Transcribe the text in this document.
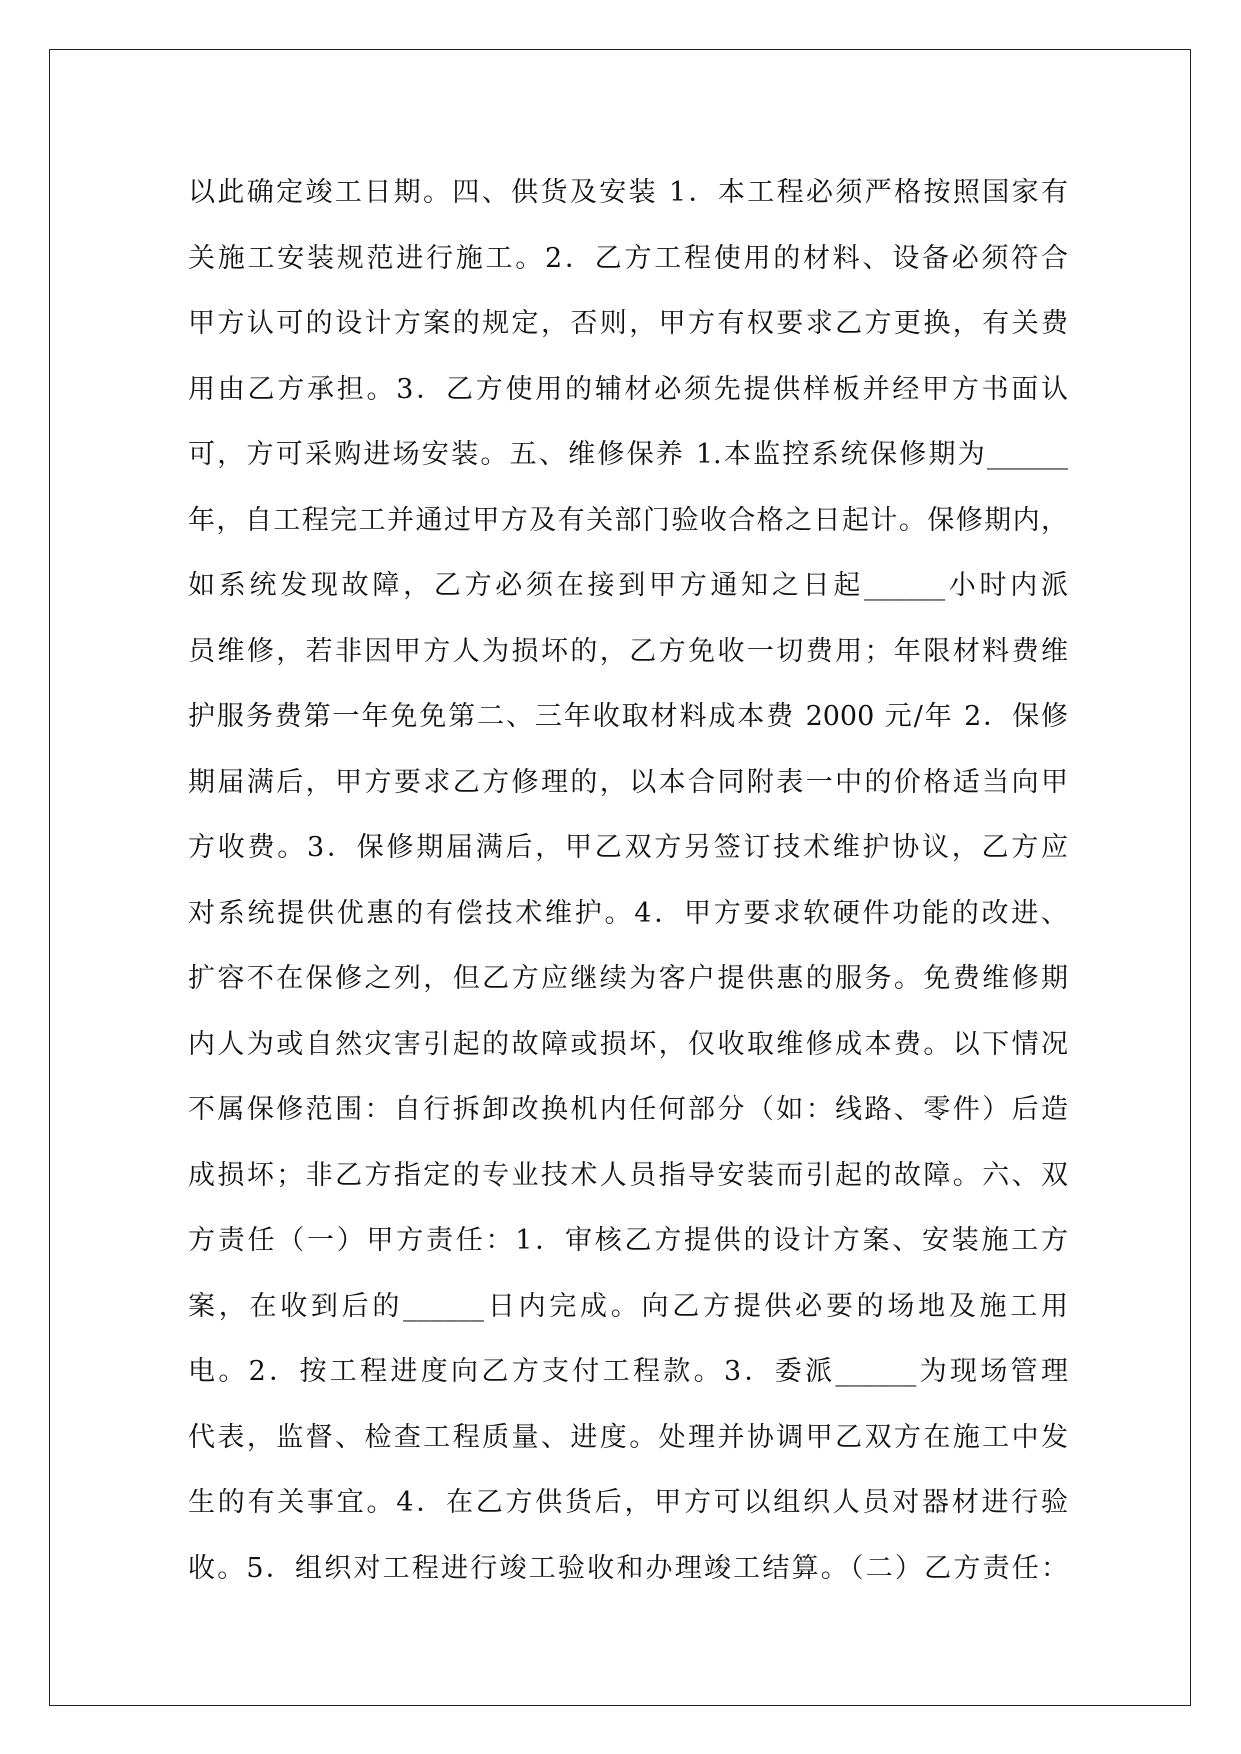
以此确定竣工日期。四、供货及安装 1．本工程必须严格按照国家有
关施工安装规范进行施工。2．乙方工程使用的材料、设备必须符合
甲方认可的设计方案的规定，否则，甲方有权要求乙方更换，有关费
用由乙方承担。3．乙方使用的辅材必须先提供样板并经甲方书面认
可，方可采购进场安装。五、维修保养 1.本监控系统保修期为______
年，自工程完工并通过甲方及有关部门验收合格之日起计。保修期内，
如系统发现故障，乙方必须在接到甲方通知之日起______小时内派
员维修，若非因甲方人为损坏的，乙方免收一切费用；年限材料费维
护服务费第一年免免第二、三年收取材料成本费 2000 元/年 2．保修
期届满后，甲方要求乙方修理的，以本合同附表一中的价格适当向甲
方收费。3．保修期届满后，甲乙双方另签订技术维护协议，乙方应
对系统提供优惠的有偿技术维护。4．甲方要求软硬件功能的改进、
扩容不在保修之列，但乙方应继续为客户提供惠的服务。免费维修期
内人为或自然灾害引起的故障或损坏，仅收取维修成本费。以下情况
不属保修范围：自行拆卸改换机内任何部分（如：线路、零件）后造
成损坏；非乙方指定的专业技术人员指导安装而引起的故障。六、双
方责任（一）甲方责任：1．审核乙方提供的设计方案、安装施工方
案，在收到后的______日内完成。向乙方提供必要的场地及施工用
电。2．按工程进度向乙方支付工程款。3．委派______为现场管理
代表，监督、检查工程质量、进度。处理并协调甲乙双方在施工中发
生的有关事宜。4．在乙方供货后，甲方可以组织人员对器材进行验
收。5．组织对工程进行竣工验收和办理竣工结算。（二）乙方责任：
